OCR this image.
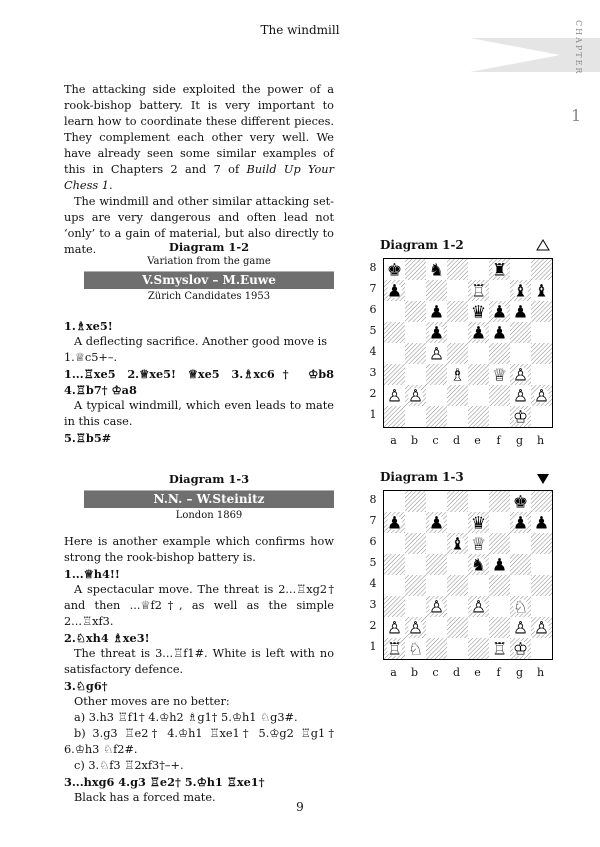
The windmill	CHAPTER
1

The attacking side exploited the power of a rook-bishop battery. It is very important to learn how to coordinate these different pieces. They complement each other very well. We have already seen some similar examples of this in Chapters 2 and 7 of Build Up Your Chess 1.

The windmill and other similar attacking set-ups are very dangerous and often lead not ‘only’ to a gain of material, but also directly to mate.	Diagram 1-2
Variation from the game
V.Smyslov – M.Euwe
Zürich Candidates 1953

1.♗xe5!

A deflecting sacrifice. Another good move is

1.♕c5+–.

1...♖xe5 2.♕xe5! ♕xe5 3.♗xc6† ♔b8 4.♖b7† ♔a8

A typical windmill, which even leads to mate in this case.

5.♖b5#

Diagram 1-2
♚ ♞	♜
♟	♖ ♝ ♝
♟ ♛ ♟ ♟
♟ ♟ ♟
♙
♗ ♕ ♙
♙ ♙	♙ ♙
♔
8
7
6
5
4
3
2
1
a b c d e f g h
Diagram 1-3
N.N. – W.Steinitz
London 1869

Here is another example which confirms how strong the rook-bishop battery is.

1...♕h4!!

A spectacular move. The threat is 2...♖xg2† and then ...♕f2†, as well as the simple 2...♖xf3.

2.♘xh4 ♗xe3!

The threat is 3...♖f1#. White is left with no satisfactory defence.

3.♘g6†

Other moves are no better:

a) 3.h3 ♖f1† 4.♔h2 ♗g1† 5.♔h1 ♘g3#.

b) 3.g3 ♖e2† 4.♔h1 ♖xe1† 5.♔g2 ♖g1† 6.♔h3 ♘f2#.

c) 3.♘f3 ♖2xf3†–+.

3...hxg6 4.g3 ♖e2† 5.♔h1 ♖xe1†

Black has a forced mate.

Diagram 1-3
♚
♟ ♟ ♛ ♟ ♟
♝ ♕
♞ ♟
♙ ♙ ♘
♙ ♙	♙ ♙
♖ ♘	♖ ♔
8
7
6
5
4
3
2
1
a b c d e f g h
9
